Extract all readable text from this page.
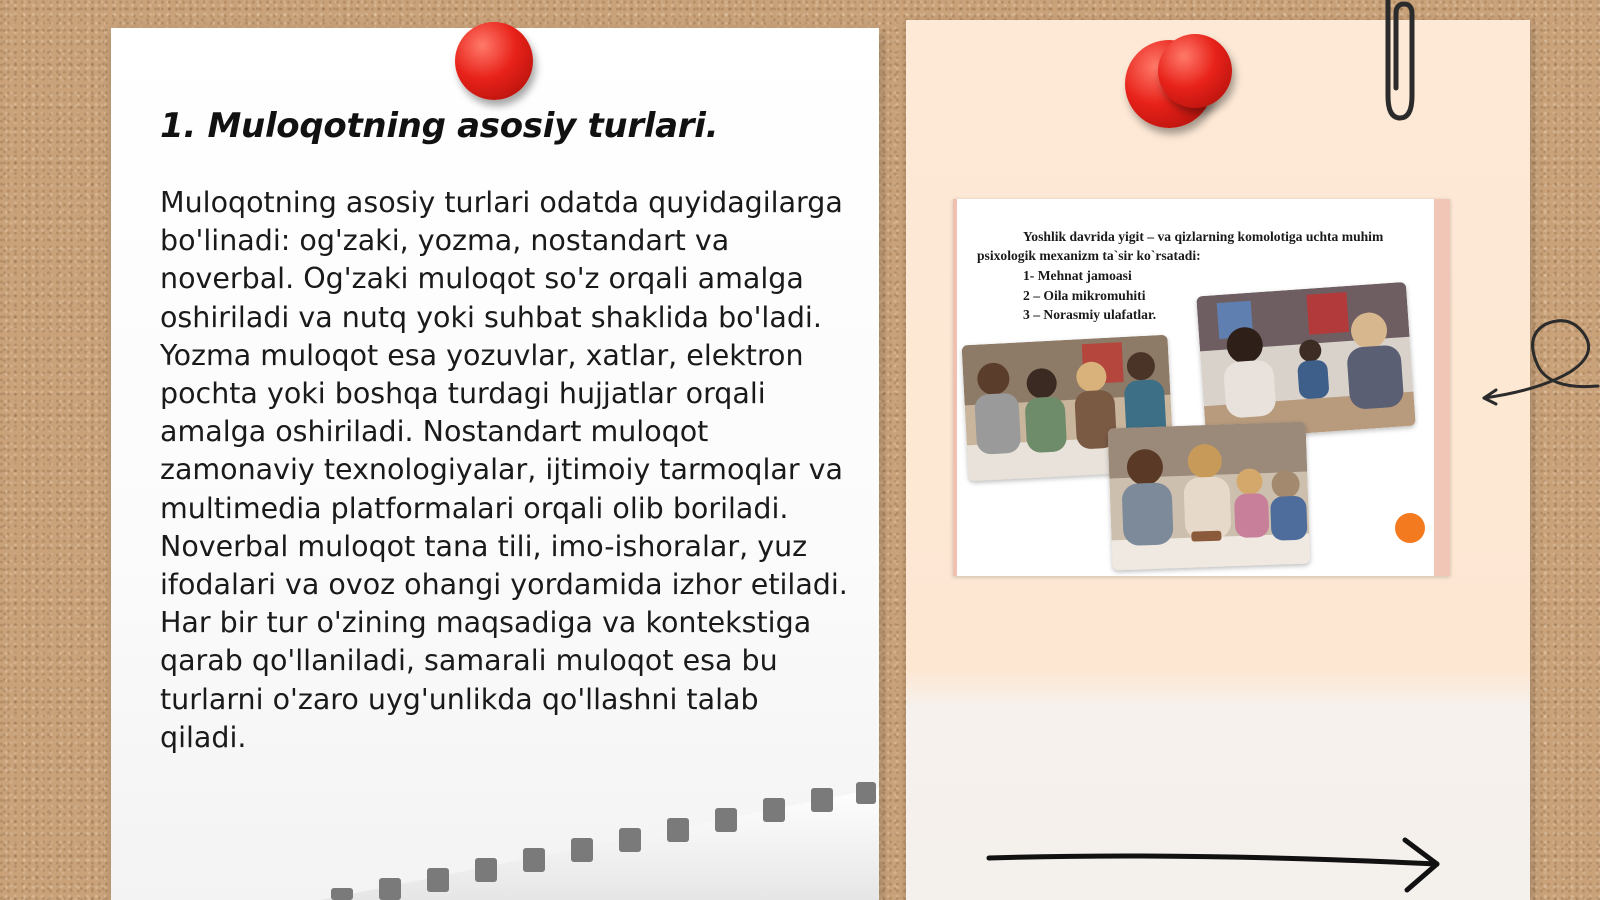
1. Muloqotning asosiy turlari.

Muloqotning asosiy turlari odatda quyidagilarga bo'linadi: og'zaki, yozma, nostandart va noverbal. Og'zaki muloqot so'z orqali amalga oshiriladi va nutq yoki suhbat shaklida bo'ladi. Yozma muloqot esa yozuvlar, xatlar, elektron pochta yoki boshqa turdagi hujjatlar orqali amalga oshiriladi. Nostandart muloqot zamonaviy texnologiyalar, ijtimoiy tarmoqlar va multimedia platformalari orqali olib boriladi. Noverbal muloqot tana tili, imo-ishoralar, yuz ifodalari va ovoz ohangi yordamida izhor etiladi. Har bir tur o'zining maqsadiga va kontekstiga qarab qo'llaniladi, samarali muloqot esa bu turlarni o'zaro uyg'unlikda qo'llashni talab qiladi.

Yoshlik davrida yigit – va qizlarning komolotiga uchta muhim psixologik mexanizm ta`sir ko`rsatadi:

1- Mehnat jamoasi
2 – Oila mikromuhiti
3 – Norasmiy ulafatlar.
